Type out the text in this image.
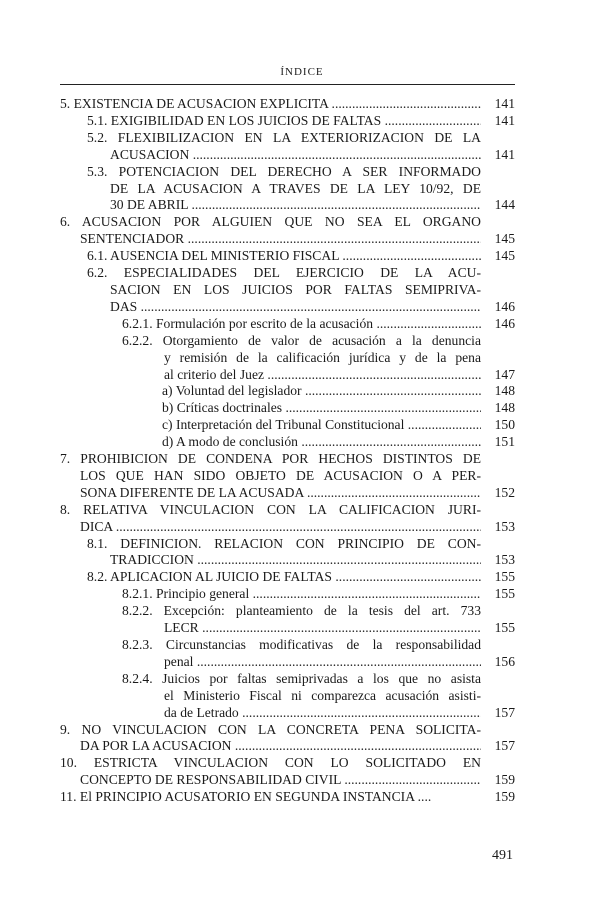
ÍNDICE
5. EXISTENCIA DE ACUSACION EXPLICITA .....	141
5.1. EXIGIBILIDAD EN LOS JUICIOS DE FALTAS .....	141
5.2. FLEXIBILIZACION EN LA EXTERIORIZACION DE LA
ACUSACION .....	141
5.3. POTENCIACION DEL DERECHO A SER INFORMADO
DE LA ACUSACION A TRAVES DE LA LEY 10/92, DE
30 DE ABRIL .....	144
6. ACUSACION POR ALGUIEN QUE NO SEA EL ORGANO
SENTENCIADOR .....	145
6.1. AUSENCIA DEL MINISTERIO FISCAL .....	145
6.2. ESPECIALIDADES DEL EJERCICIO DE LA ACU-
SACION EN LOS JUICIOS POR FALTAS SEMIPRIVA-
DAS .....	146
6.2.1. Formulación por escrito de la acusación .....	146
6.2.2. Otorgamiento de valor de acusación a la denuncia
y remisión de la calificación jurídica y de la pena
al criterio del Juez .....	147
a) Voluntad del legislador .....	148
b) Críticas doctrinales .....	148
c) Interpretación del Tribunal Constitucional .....	150
d) A modo de conclusión .....	151
7. PROHIBICION DE CONDENA POR HECHOS DISTINTOS DE
LOS QUE HAN SIDO OBJETO DE ACUSACION O A PER-
SONA DIFERENTE DE LA ACUSADA .....	152
8. RELATIVA VINCULACION CON LA CALIFICACION JURI-
DICA .....	153
8.1. DEFINICION. RELACION CON PRINCIPIO DE CON-
TRADICCION .....	153
8.2. APLICACION AL JUICIO DE FALTAS .....	155
8.2.1. Principio general .....	155
8.2.2. Excepción: planteamiento de la tesis del art. 733
LECR .....	155
8.2.3. Circunstancias modificativas de la responsabilidad
penal .....	156
8.2.4. Juicios por faltas semiprivadas a los que no asista
el Ministerio Fiscal ni comparezca acusación asisti-
da de Letrado .....	157
9. NO VINCULACION CON LA CONCRETA PENA SOLICITA-
DA POR LA ACUSACION .....	157
10. ESTRICTA VINCULACION CON LO SOLICITADO EN
CONCEPTO DE RESPONSABILIDAD CIVIL .....	159
11. El PRINCIPIO ACUSATORIO EN SEGUNDA INSTANCIA ....	159
491
